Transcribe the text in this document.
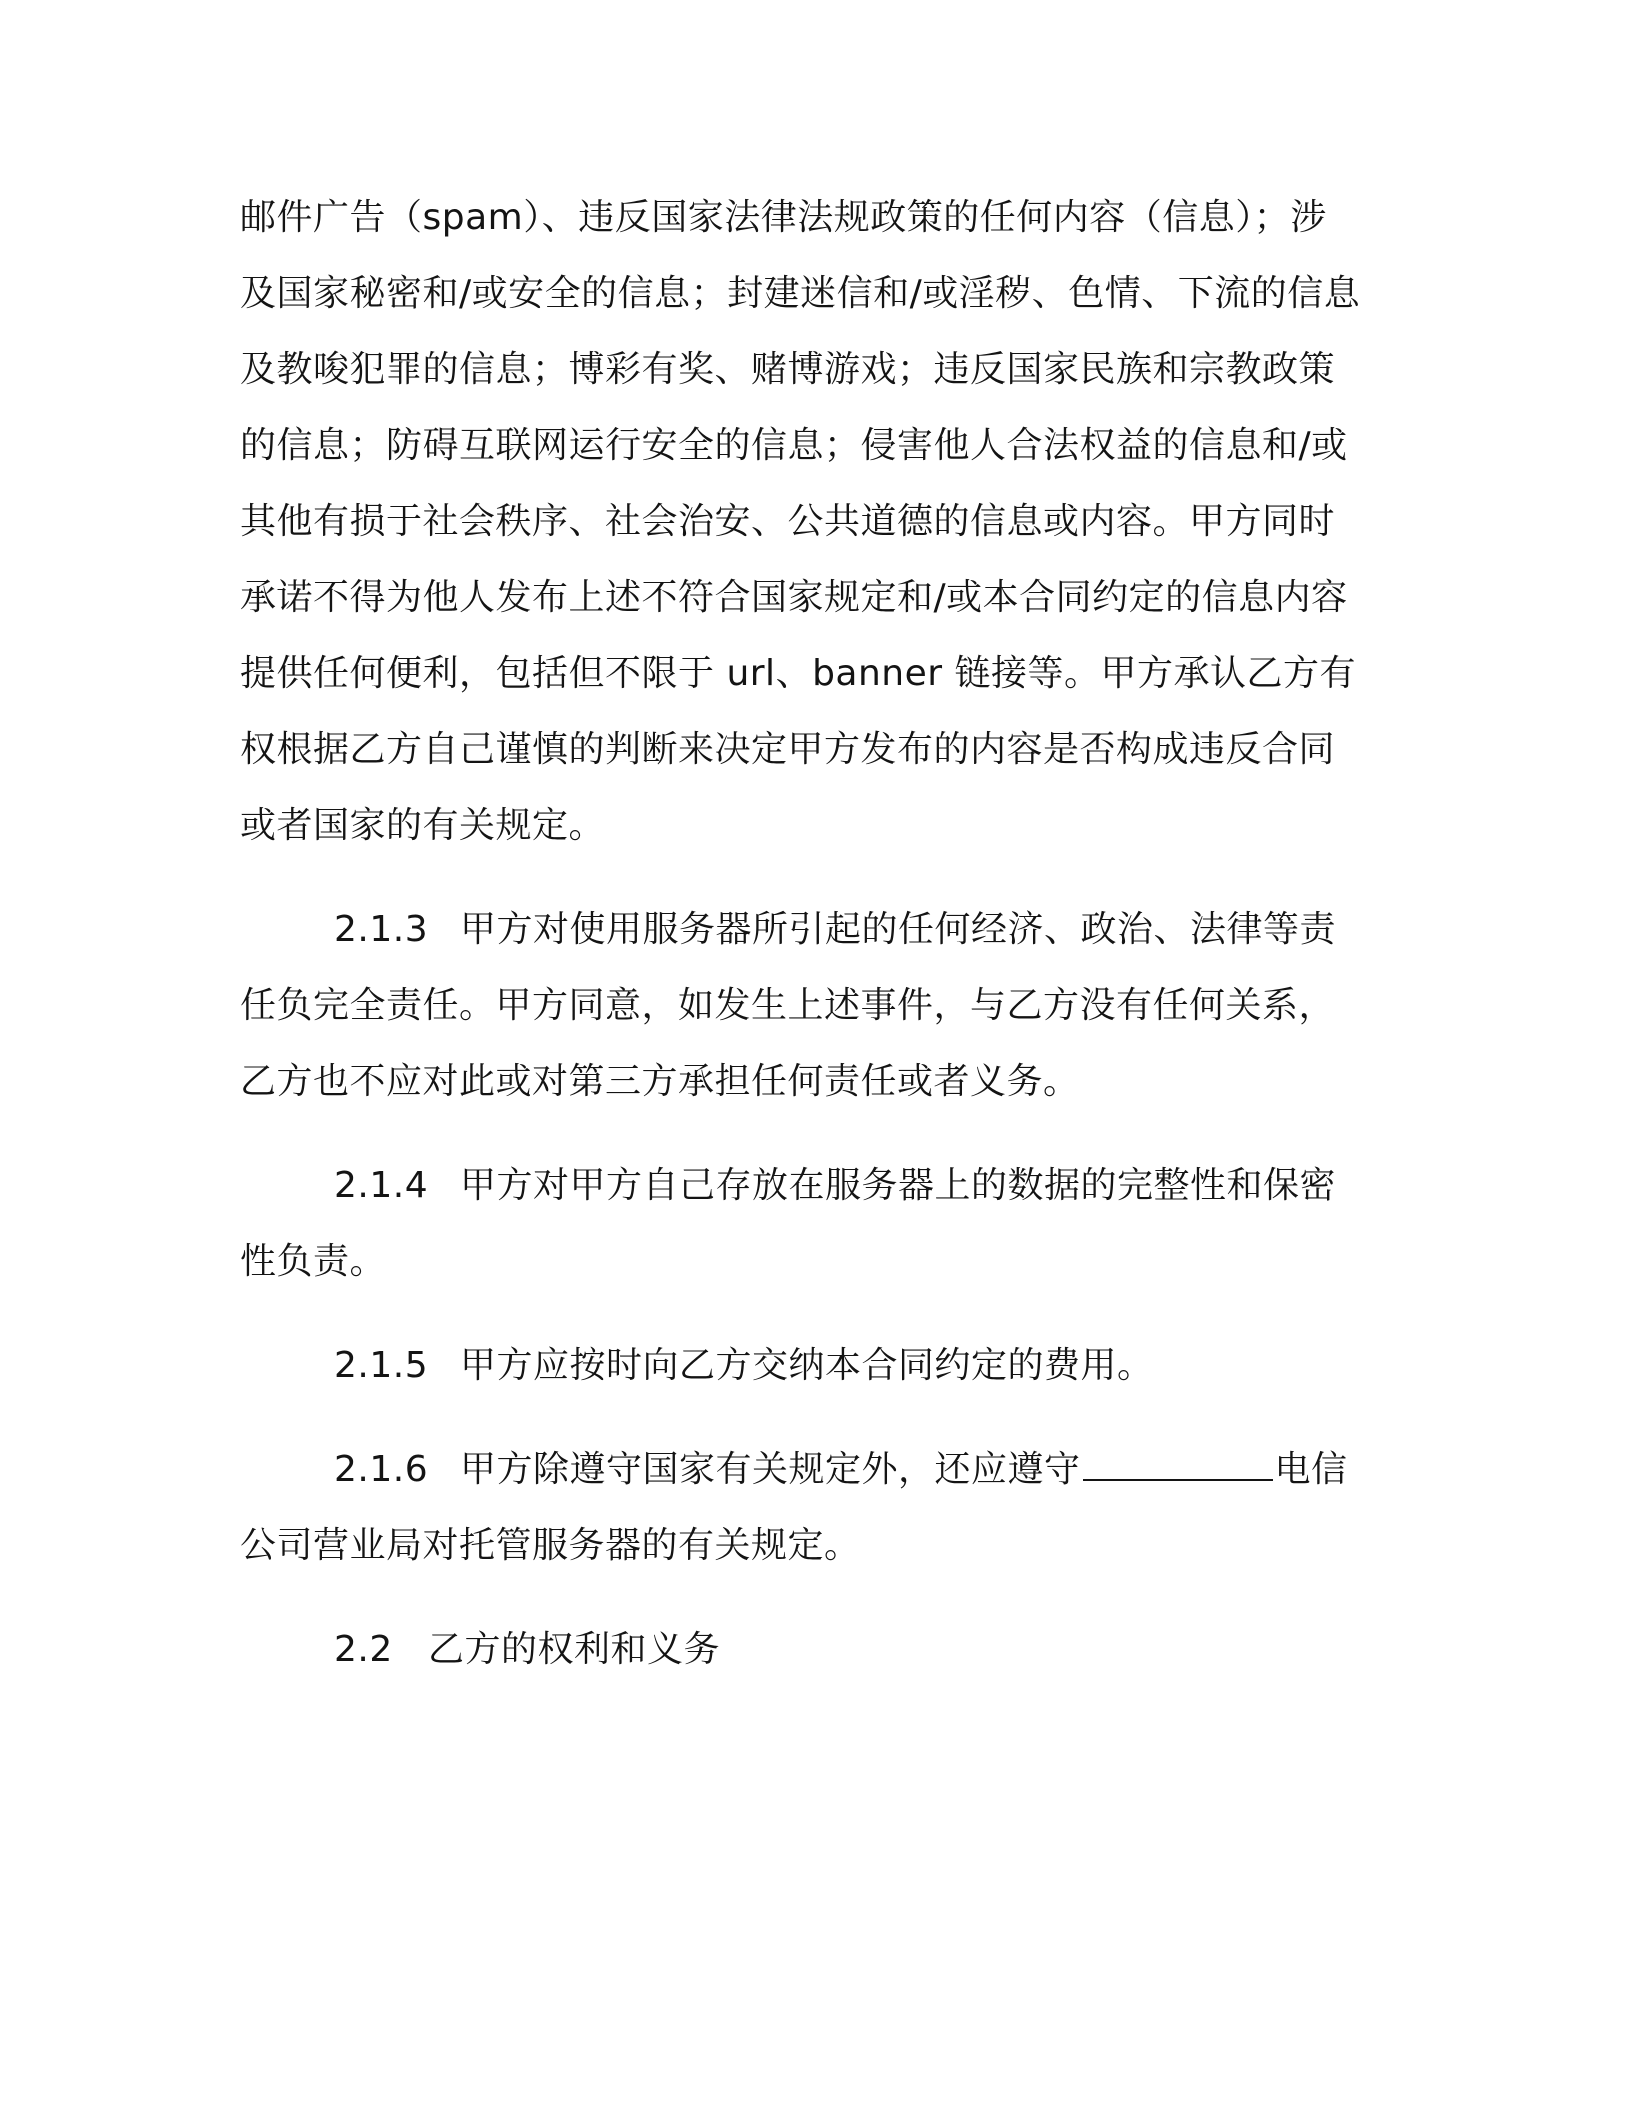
邮件广告（spam）、违反国家法律法规政策的任何内容（信息）；涉
及国家秘密和/或安全的信息；封建迷信和/或淫秽、色情、下流的信息
及教唆犯罪的信息；博彩有奖、赌博游戏；违反国家民族和宗教政策
的信息；防碍互联网运行安全的信息；侵害他人合法权益的信息和/或
其他有损于社会秩序、社会治安、公共道德的信息或内容。甲方同时
承诺不得为他人发布上述不符合国家规定和/或本合同约定的信息内容
提供任何便利，包括但不限于 url、banner 链接等。甲方承认乙方有
权根据乙方自己谨慎的判断来决定甲方发布的内容是否构成违反合同
或者国家的有关规定。
2.1.3 甲方对使用服务器所引起的任何经济、政治、法律等责
任负完全责任。甲方同意，如发生上述事件，与乙方没有任何关系，
乙方也不应对此或对第三方承担任何责任或者义务。
2.1.4 甲方对甲方自己存放在服务器上的数据的完整性和保密
性负责。
2.1.5 甲方应按时向乙方交纳本合同约定的费用。
2.1.6 甲方除遵守国家有关规定外，还应遵守	电信
公司营业局对托管服务器的有关规定。
2.2 乙方的权利和义务
